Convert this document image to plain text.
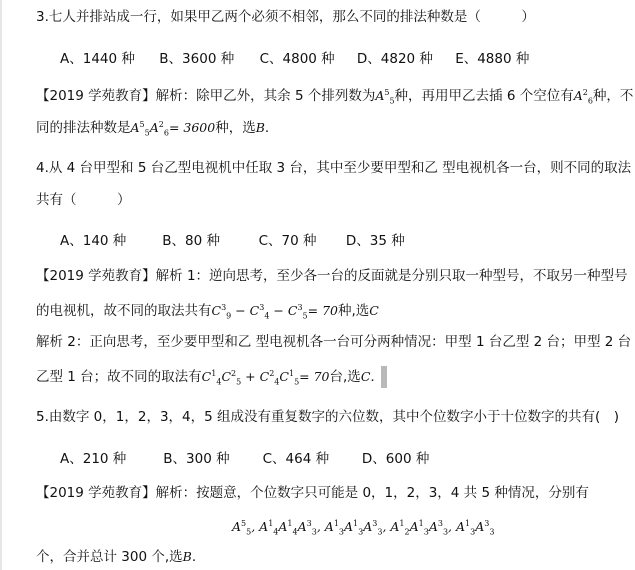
3.七人并排站成一行，如果甲乙两个必须不相邻，那么不同的排法种数是（　　　）
A、1440 种 B、3600 种 C、4800 种 D、4820 种 E、4880 种
【2019 学苑教育】解析：除甲乙外，其余 5 个排列数为$A^5_5$种，再用甲乙去插 6 个空位有$A^2_6$种，不
同的排法种数是$A^5_5A^2_6= 3600$种，选B.
4.从 4 台甲型和 5 台乙型电视机中任取 3 台，其中至少要甲型和乙 型电视机各一台，则不同的取法
共有（　　　）
A、140 种	B、80 种	C、70 种 D、35 种
【2019 学苑教育】解析 1：逆向思考，至少各一台的反面就是分别只取一种型号，不取另一种型号
的电视机，故不同的取法共有$C^3_9 - C^3_4 - C^3_5= 70$种,选C
解析 2：正向思考，至少要甲型和乙 型电视机各一台可分两种情况：甲型 1 台乙型 2 台；甲型 2 台
乙型 1 台；故不同的取法有$C^1_4C^2_5 + C^2_4C^1_5= 70$台,选C.
5.由数字 0，1，2，3，4，5 组成没有重复数字的六位数，其中个位数字小于十位数字的共有(　)
A、210 种	B、300 种 C、464 种 D、600 种
【2019 学苑教育】解析：按题意，个位数字只可能是 0，1，2，3，4 共 5 种情况，分别有
$A^5_5$, $A^1_4A^1_4A^3_3$, $A^1_3A^1_3A^3_3$, $A^1_2A^1_3A^3_3$, $A^1_3A^3_3$
个，合并总计 300 个,选B.
